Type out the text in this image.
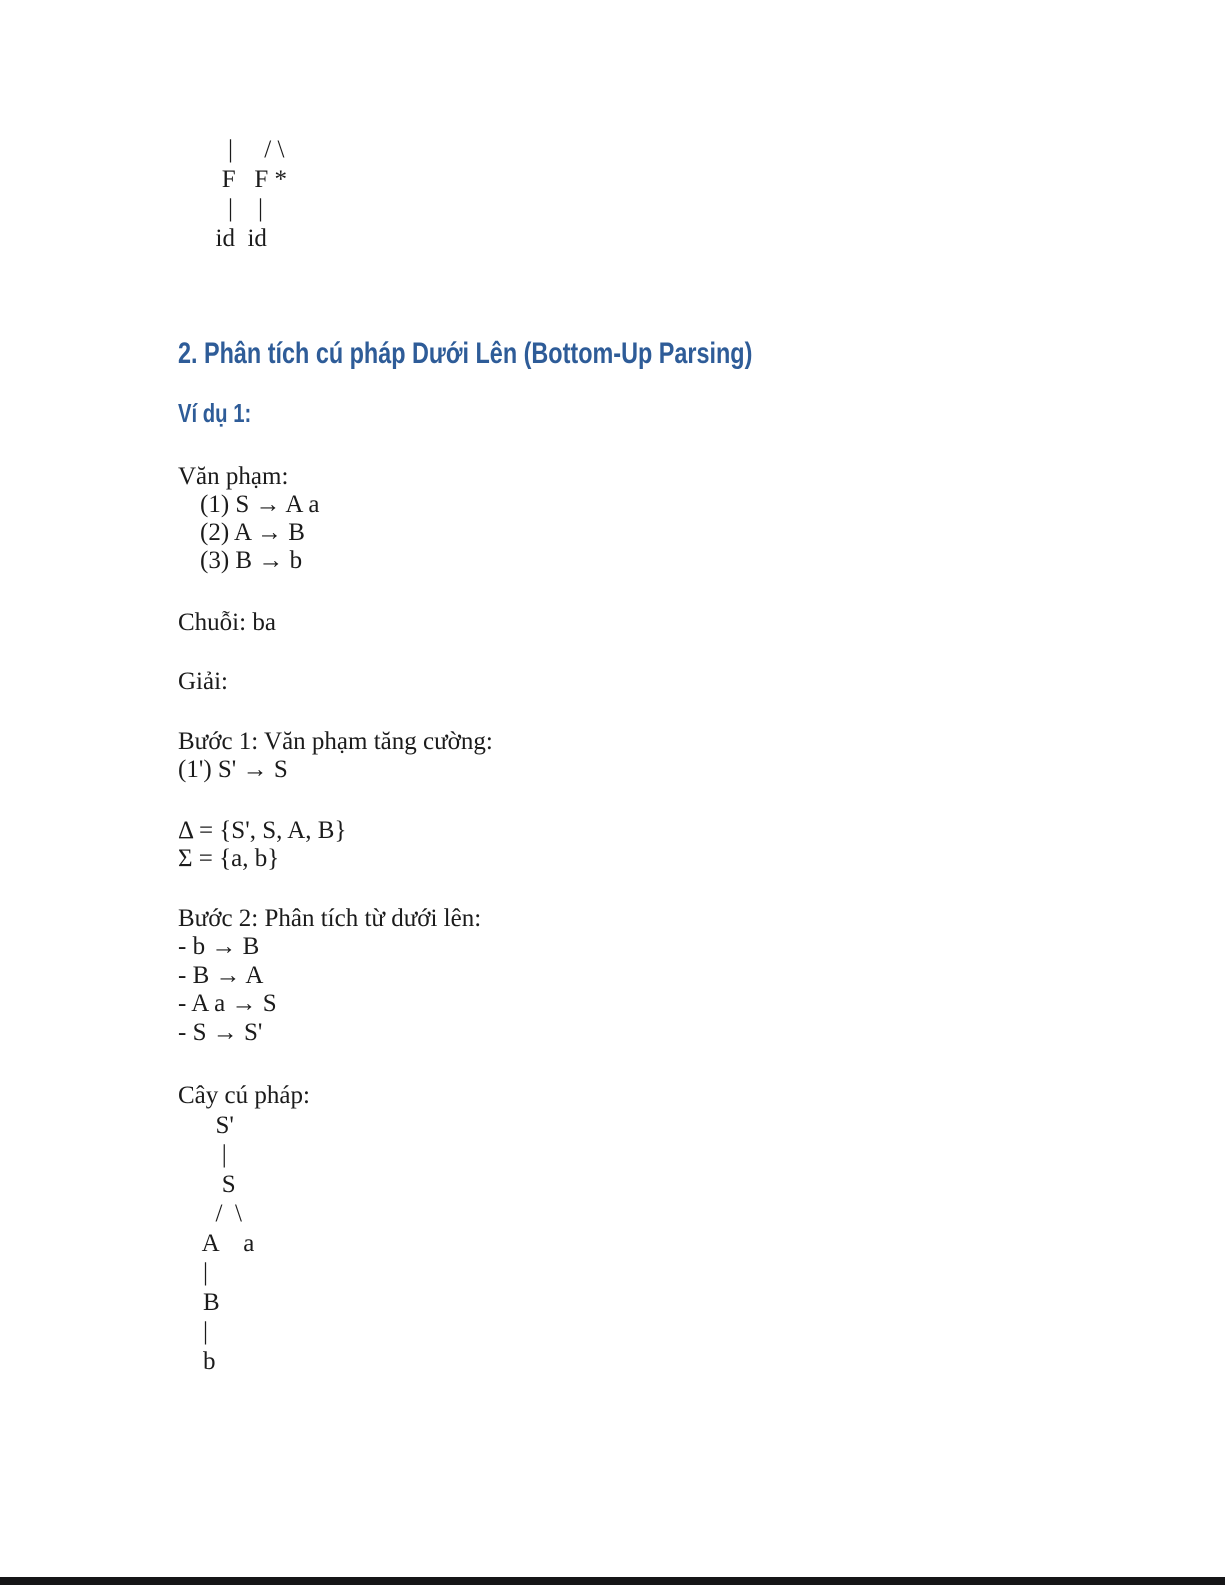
|     / \
F   F *
|    |
id  id
2. Phân tích cú pháp Dưới Lên (Bottom-Up Parsing)
Ví dụ 1:
Văn phạm:
(1) S → A a
(2) A → B
(3) B → b
Chuỗi: ba
Giải:
Bước 1: Văn phạm tăng cường:
(1') S' → S
Δ = {S', S, A, B}
Σ = {a, b}
Bước 2: Phân tích từ dưới lên:
- b → B
- B → A
- A a → S
- S → S'
Cây cú pháp:
S'
|
S
/  \
A    a
|
B
|
b
